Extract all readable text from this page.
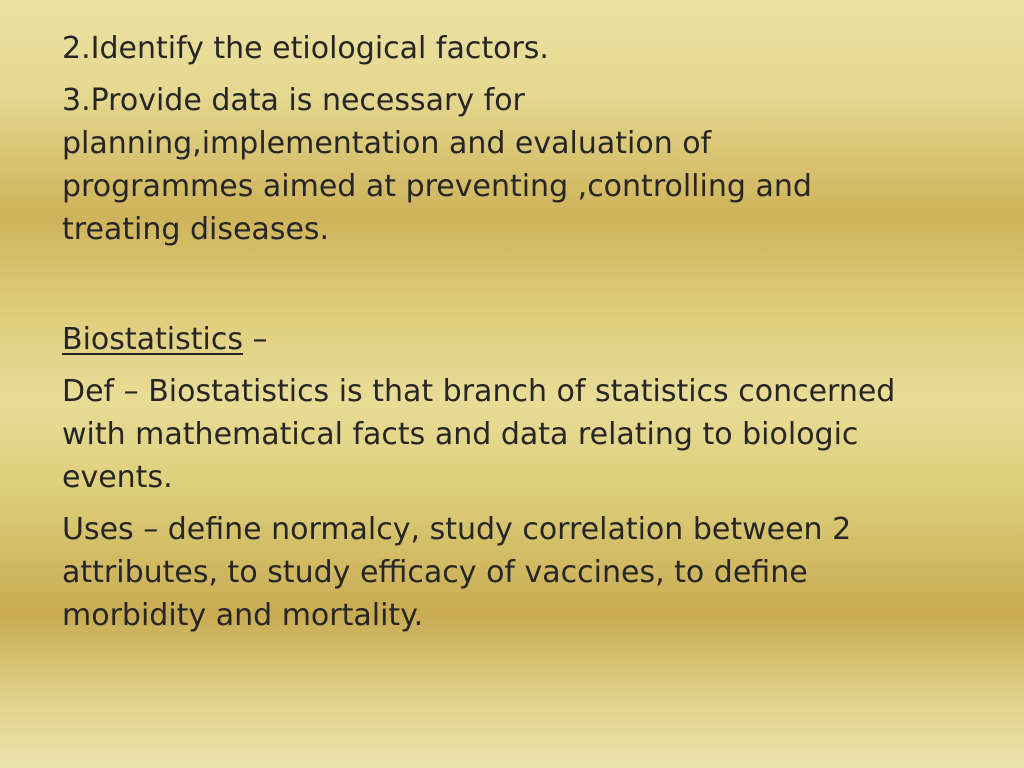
2.Identify the etiological factors.
3.Provide data is necessary for
planning,implementation and evaluation of
programmes aimed at preventing ,controlling and
treating diseases.
Biostatistics –
Def – Biostatistics is that branch of statistics concerned
with mathematical facts and data relating to biologic
events.
Uses – define normalcy, study correlation between 2
attributes, to study efficacy of vaccines, to define
morbidity and mortality.
